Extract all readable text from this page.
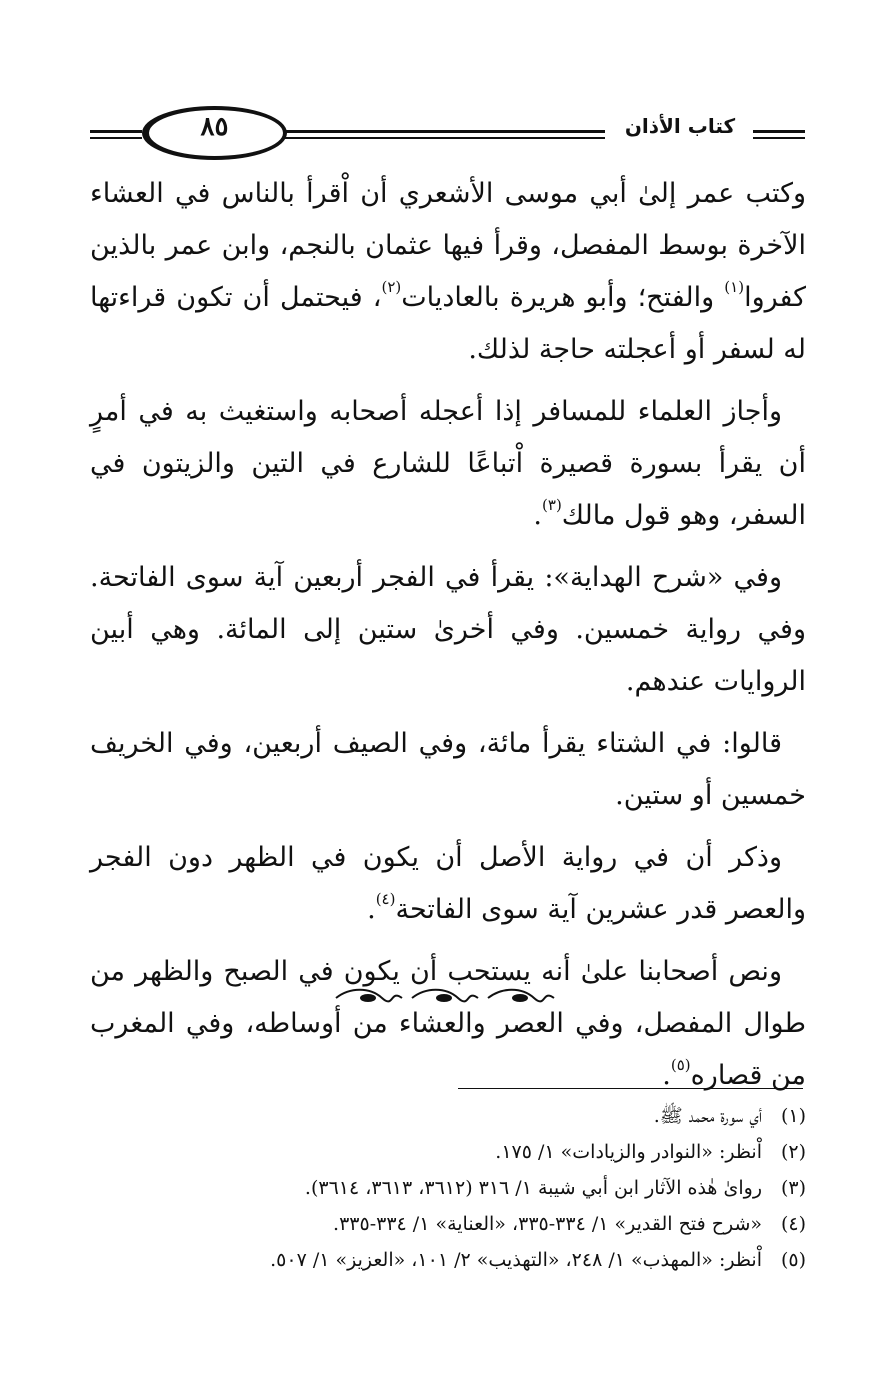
٨٥	كتاب الأذان

وكتب عمر إلىٰ أبي موسى الأشعري أن اْقرأ بالناس في العشاء الآخرة بوسط المفصل، وقرأ فيها عثمان بالنجم، وابن عمر بالذين كفروا$^{(١)}$ والفتح؛ وأبو هريرة بالعاديات$^{(٢)}$، فيحتمل أن تكون قراءتها له لسفر أو أعجلته حاجة لذلك.

وأجاز العلماء للمسافر إذا أعجله أصحابه واستغيث به في أمرٍ أن يقرأ بسورة قصيرة اْتباعًا للشارع في التين والزيتون في السفر، وهو قول مالك$^{(٣)}$.

وفي «شرح الهداية»: يقرأ في الفجر أربعين آية سوى الفاتحة. وفي رواية خمسين. وفي أخرىٰ ستين إلى المائة. وهي أبين الروايات عندهم.

قالوا: في الشتاء يقرأ مائة، وفي الصيف أربعين، وفي الخريف خمسين أو ستين.

وذكر أن في رواية الأصل أن يكون في الظهر دون الفجر والعصر قدر عشرين آية سوى الفاتحة$^{(٤)}$.

ونص أصحابنا علىٰ أنه يستحب أن يكون في الصبح والظهر من طوال المفصل، وفي العصر والعشاء من أوساطه، وفي المغرب من قصاره$^{(٥)}$.

(١)
أي سورة محمد ﷺ.
(٢)
اْنظر: «النوادر والزيادات» ١/ ١٧٥.
(٣)
رواىٰ هٰذه الآثار ابن أبي شيبة ١/ ٣١٦ (٣٦١٢، ٣٦١٣، ٣٦١٤).
(٤)
«شرح فتح القدير» ١/ ٣٣٤-٣٣٥، «العناية» ١/ ٣٣٤-٣٣٥.
(٥)
اْنظر: «المهذب» ١/ ٢٤٨، «التهذيب» ٢/ ١٠١، «العزيز» ١/ ٥٠٧.
